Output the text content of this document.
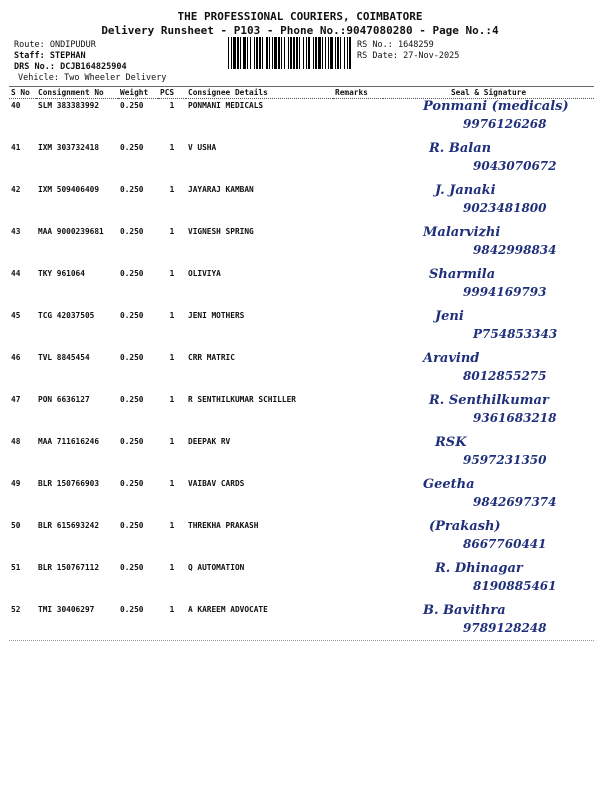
THE PROFESSIONAL COURIERS, COIMBATORE
Delivery Runsheet - P103 - Phone No.:9047080280 - Page No.:4
Route: ONDIPUDUR
Staff: STEPHAN
DRS No.: DCJB164825904
Vehicle: Two Wheeler Delivery
RS No.: 1648259
RS Date: 27-Nov-2025
S No	Consignment No	Weight	PCS	Consignee Details	Remarks	Seal & Signature
40	SLM 383383992	0.250	1	PONMANI MEDICALS		Ponmani (medicals)
9976126268

41	IXM 303732418	0.250	1	V USHA		R. Balan
9043070672

42	IXM 509406409	0.250	1	JAYARAJ KAMBAN		J. Janaki
9023481800

43	MAA 9000239681	0.250	1	VIGNESH SPRING		Malarvizhi
9842998834

44	TKY 961064	0.250	1	OLIVIYA		Sharmila
9994169793

45	TCG 42037505	0.250	1	JENI MOTHERS		Jeni
P754853343

46	TVL 8845454	0.250	1	CRR MATRIC		Aravind
8012855275

47	PON 6636127	0.250	1	R SENTHILKUMAR SCHILLER		R. Senthilkumar
9361683218

48	MAA 711616246	0.250	1	DEEPAK RV		RSK
9597231350

49	BLR 150766903	0.250	1	VAIBAV CARDS		Geetha
9842697374

50	BLR 615693242	0.250	1	THREKHA PRAKASH		(Prakash)
8667760441

51	BLR 150767112	0.250	1	Q AUTOMATION		R. Dhinagar
8190885461

52	TMI 30406297	0.250	1	A KAREEM ADVOCATE		B. Bavithra
9789128248
